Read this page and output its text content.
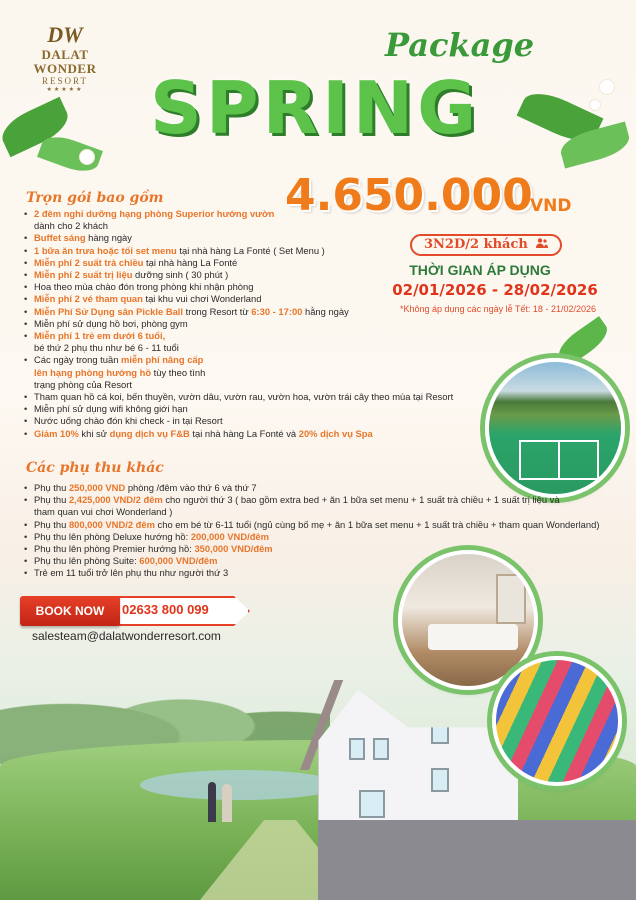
DW
DALAT WONDER
RESORT
★★★★★
Package
SPRING
4.650.000
VND
3N2D/2 khách
THỜI GIAN ÁP DỤNG
02/01/2026 - 28/02/2026
*Không áp dụng các ngày lễ Tết: 18 - 21/02/2026
Trọn gói bao gồm
• 2 đêm nghỉ dưỡng hạng phòng Superior hướng vườn
dành cho 2 khách
• Buffet sáng hàng ngày
• 1 bữa ăn trưa hoặc tối set menu tại nhà hàng La Fonté ( Set Menu )
• Miễn phí 2 suất trà chiều tại nhà hàng La Fonté
• Miễn phí 2 suất trị liệu dưỡng sinh ( 30 phút )
• Hoa theo mùa chào đón trong phòng khi nhận phòng
• Miễn phí 2 vé tham quan tại khu vui chơi Wonderland
• Miễn Phí Sử Dụng sân Pickle Ball trong Resort từ 6:30 - 17:00 hằng ngày
• Miễn phí sử dụng hồ bơi, phòng gym
• Miễn phí 1 trẻ em dưới 6 tuổi,
bé thứ 2 phụ thu như bé 6 - 11 tuổi
• Các ngày trong tuần miễn phí nâng cấp
lên hạng phòng hướng hồ tùy theo tình
trạng phòng của Resort
• Tham quan hồ cá koi, bến thuyền, vườn dâu, vườn rau, vườn hoa, vườn trái cây theo mùa tại Resort
• Miễn phí sử dụng wifi không giới hạn
• Nước uống chào đón khi check - in tại Resort
• Giảm 10% khi sử dụng dịch vụ F&B tại nhà hàng La Fonté và 20% dịch vụ Spa
Các phụ thu khác
• Phụ thu 250,000 VND phòng /đêm vào thứ 6 và thứ 7
• Phụ thu 2,425,000 VND/2 đêm cho người thứ 3 ( bao gồm extra bed + ăn 1 bữa set menu + 1 suất trà chiều + 1 suất trị liệu và
tham quan vui chơi Wonderland )
• Phụ thu 800,000 VND/2 đêm cho em bé từ 6-11 tuổi (ngủ cùng bố mẹ + ăn 1 bữa set menu + 1 suất trà chiều + tham quan Wonderland)
• Phụ thu lên phòng Deluxe hướng hồ: 200,000 VND/đêm
• Phụ thu lên phòng Premier hướng hồ: 350,000 VND/đêm
• Phụ thu lên phòng Suite: 600,000 VND/đêm
• Trẻ em 11 tuổi trở lên phụ thu như người thứ 3
BOOK NOW	02633 800 099
salesteam@dalatwonderresort.com
